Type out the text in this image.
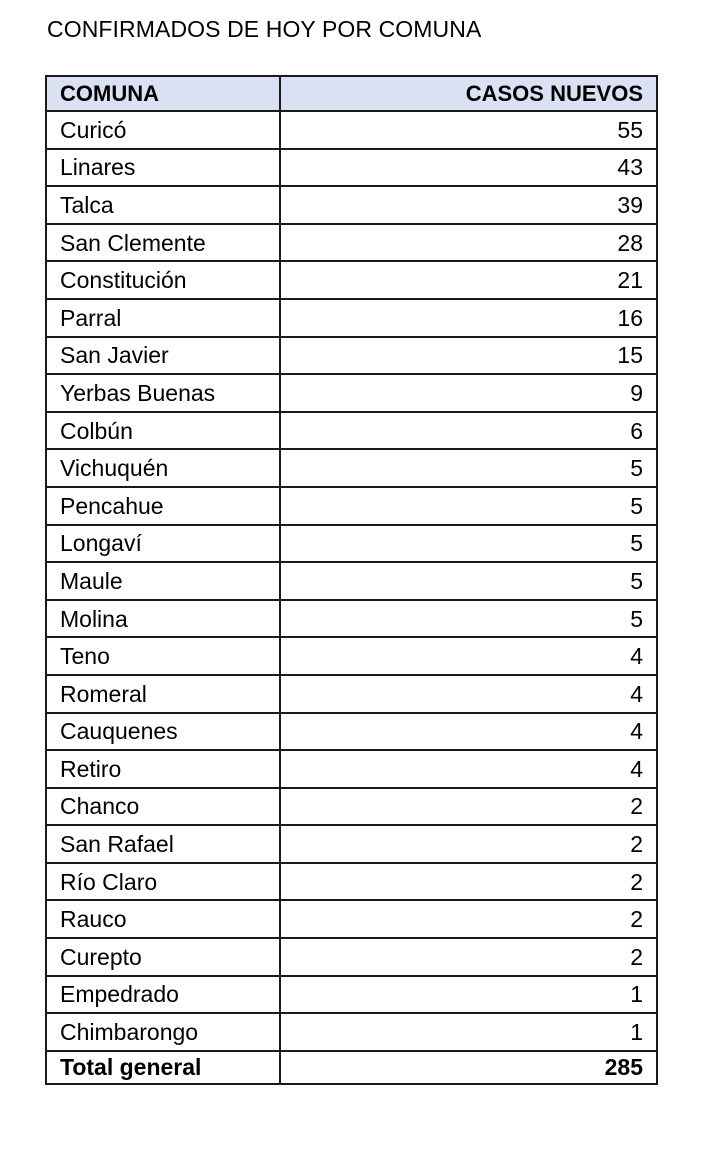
CONFIRMADOS DE HOY POR COMUNA
COMUNA	CASOS NUEVOS
Curicó	55
Linares	43
Talca	39
San Clemente	28
Constitución	21
Parral	16
San Javier	15
Yerbas Buenas	9
Colbún	6
Vichuquén	5
Pencahue	5
Longaví	5
Maule	5
Molina	5
Teno	4
Romeral	4
Cauquenes	4
Retiro	4
Chanco	2
San Rafael	2
Río Claro	2
Rauco	2
Curepto	2
Empedrado	1
Chimbarongo	1
Total general	285
